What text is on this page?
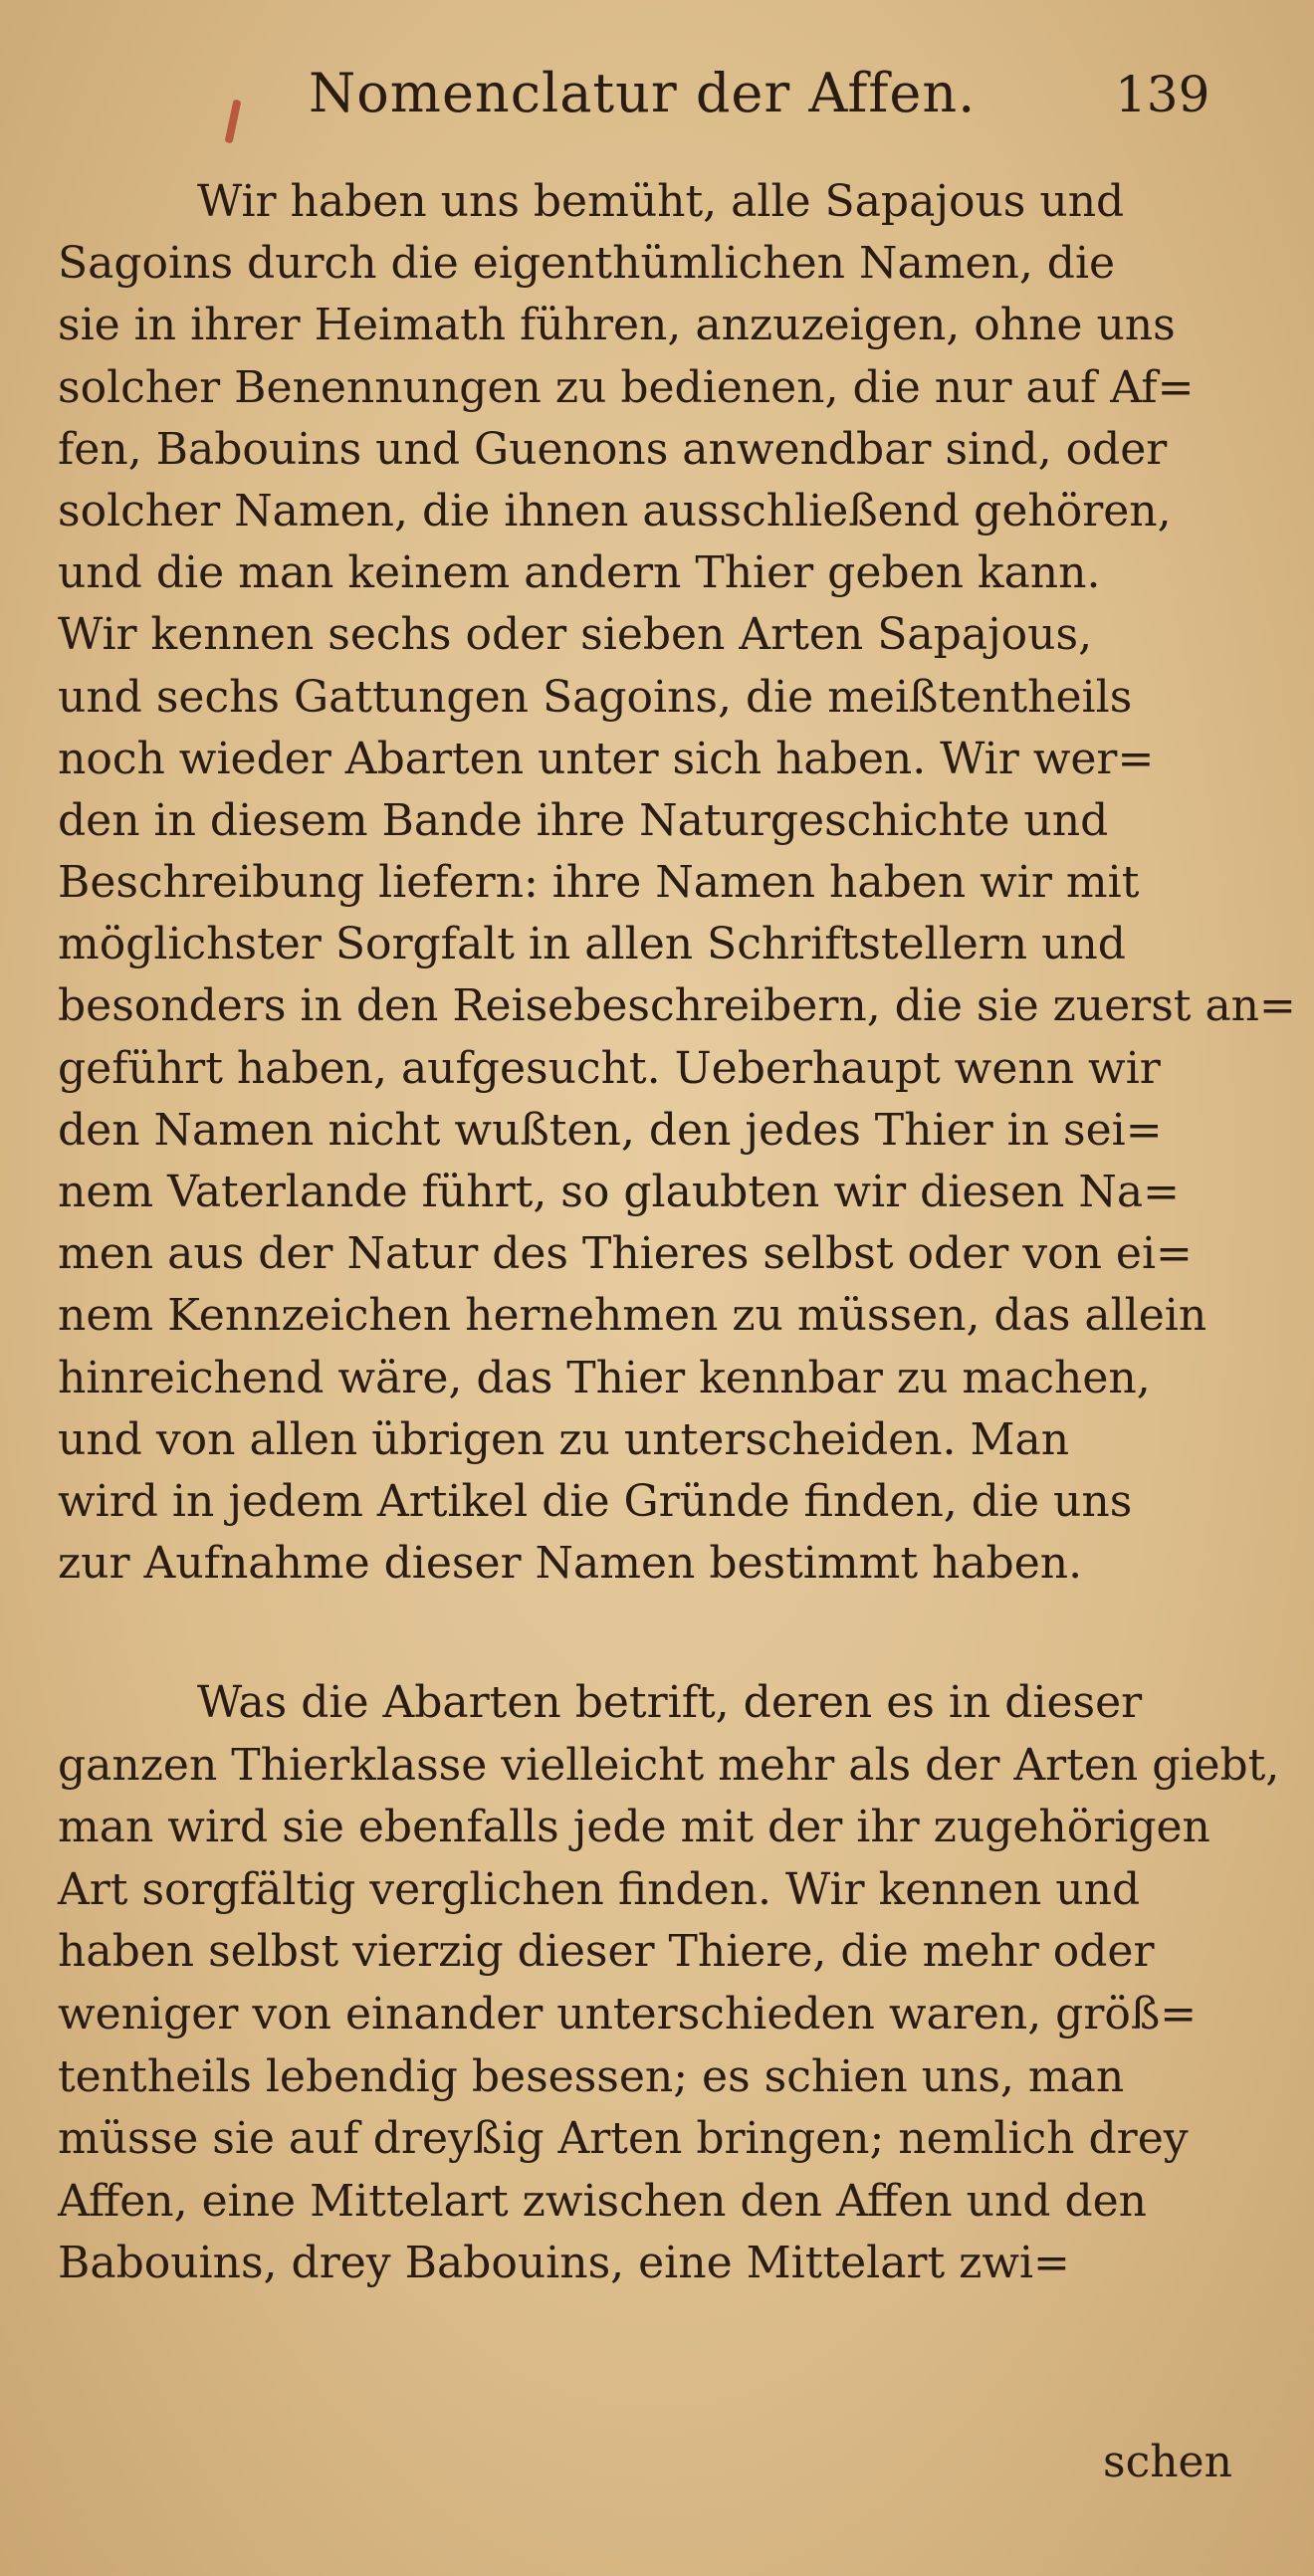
Nomenclatur der Affen.	139
Wir haben uns bemüht, alle Sapajous und
Sagoins durch die eigenthümlichen Namen, die
sie in ihrer Heimath führen, anzuzeigen, ohne uns
solcher Benennungen zu bedienen, die nur auf Af=
fen, Babouins und Guenons anwendbar sind, oder
solcher Namen, die ihnen ausschließend gehören,
und die man keinem andern Thier geben kann.
Wir kennen sechs oder sieben Arten Sapajous,
und sechs Gattungen Sagoins, die meißtentheils
noch wieder Abarten unter sich haben. Wir wer=
den in diesem Bande ihre Naturgeschichte und
Beschreibung liefern: ihre Namen haben wir mit
möglichster Sorgfalt in allen Schriftstellern und
besonders in den Reisebeschreibern, die sie zuerst an=
geführt haben, aufgesucht. Ueberhaupt wenn wir
den Namen nicht wußten, den jedes Thier in sei=
nem Vaterlande führt, so glaubten wir diesen Na=
men aus der Natur des Thieres selbst oder von ei=
nem Kennzeichen hernehmen zu müssen, das allein
hinreichend wäre, das Thier kennbar zu machen,
und von allen übrigen zu unterscheiden. Man
wird in jedem Artikel die Gründe finden, die uns
zur Aufnahme dieser Namen bestimmt haben.
Was die Abarten betrift, deren es in dieser
ganzen Thierklasse vielleicht mehr als der Arten giebt,
man wird sie ebenfalls jede mit der ihr zugehörigen
Art sorgfältig verglichen finden. Wir kennen und
haben selbst vierzig dieser Thiere, die mehr oder
weniger von einander unterschieden waren, größ=
tentheils lebendig besessen; es schien uns, man
müsse sie auf dreyßig Arten bringen; nemlich drey
Affen, eine Mittelart zwischen den Affen und den
Babouins, drey Babouins, eine Mittelart zwi=
schen
